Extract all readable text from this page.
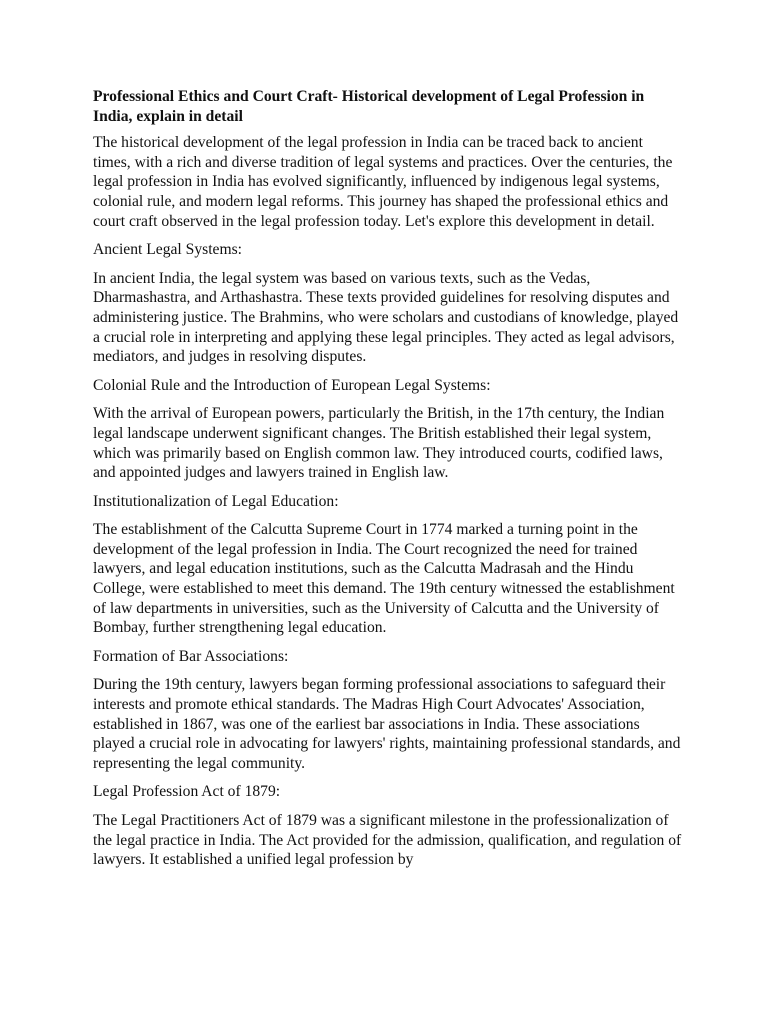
Professional Ethics and Court Craft- Historical development of Legal Profession in India, explain in detail

The historical development of the legal profession in India can be traced back to ancient times, with a rich and diverse tradition of legal systems and practices. Over the centuries, the legal profession in India has evolved significantly, influenced by indigenous legal systems, colonial rule, and modern legal reforms. This journey has shaped the professional ethics and court craft observed in the legal profession today. Let's explore this development in detail.

Ancient Legal Systems:

In ancient India, the legal system was based on various texts, such as the Vedas, Dharmashastra, and Arthashastra. These texts provided guidelines for resolving disputes and administering justice. The Brahmins, who were scholars and custodians of knowledge, played a crucial role in interpreting and applying these legal principles. They acted as legal advisors, mediators, and judges in resolving disputes.

Colonial Rule and the Introduction of European Legal Systems:

With the arrival of European powers, particularly the British, in the 17th century, the Indian legal landscape underwent significant changes. The British established their legal system, which was primarily based on English common law. They introduced courts, codified laws, and appointed judges and lawyers trained in English law.

Institutionalization of Legal Education:

The establishment of the Calcutta Supreme Court in 1774 marked a turning point in the development of the legal profession in India. The Court recognized the need for trained lawyers, and legal education institutions, such as the Calcutta Madrasah and the Hindu College, were established to meet this demand. The 19th century witnessed the establishment of law departments in universities, such as the University of Calcutta and the University of Bombay, further strengthening legal education.

Formation of Bar Associations:

During the 19th century, lawyers began forming professional associations to safeguard their interests and promote ethical standards. The Madras High Court Advocates' Association, established in 1867, was one of the earliest bar associations in India. These associations played a crucial role in advocating for lawyers' rights, maintaining professional standards, and representing the legal community.

Legal Profession Act of 1879:

The Legal Practitioners Act of 1879 was a significant milestone in the professionalization of the legal practice in India. The Act provided for the admission, qualification, and regulation of lawyers. It established a unified legal profession by
